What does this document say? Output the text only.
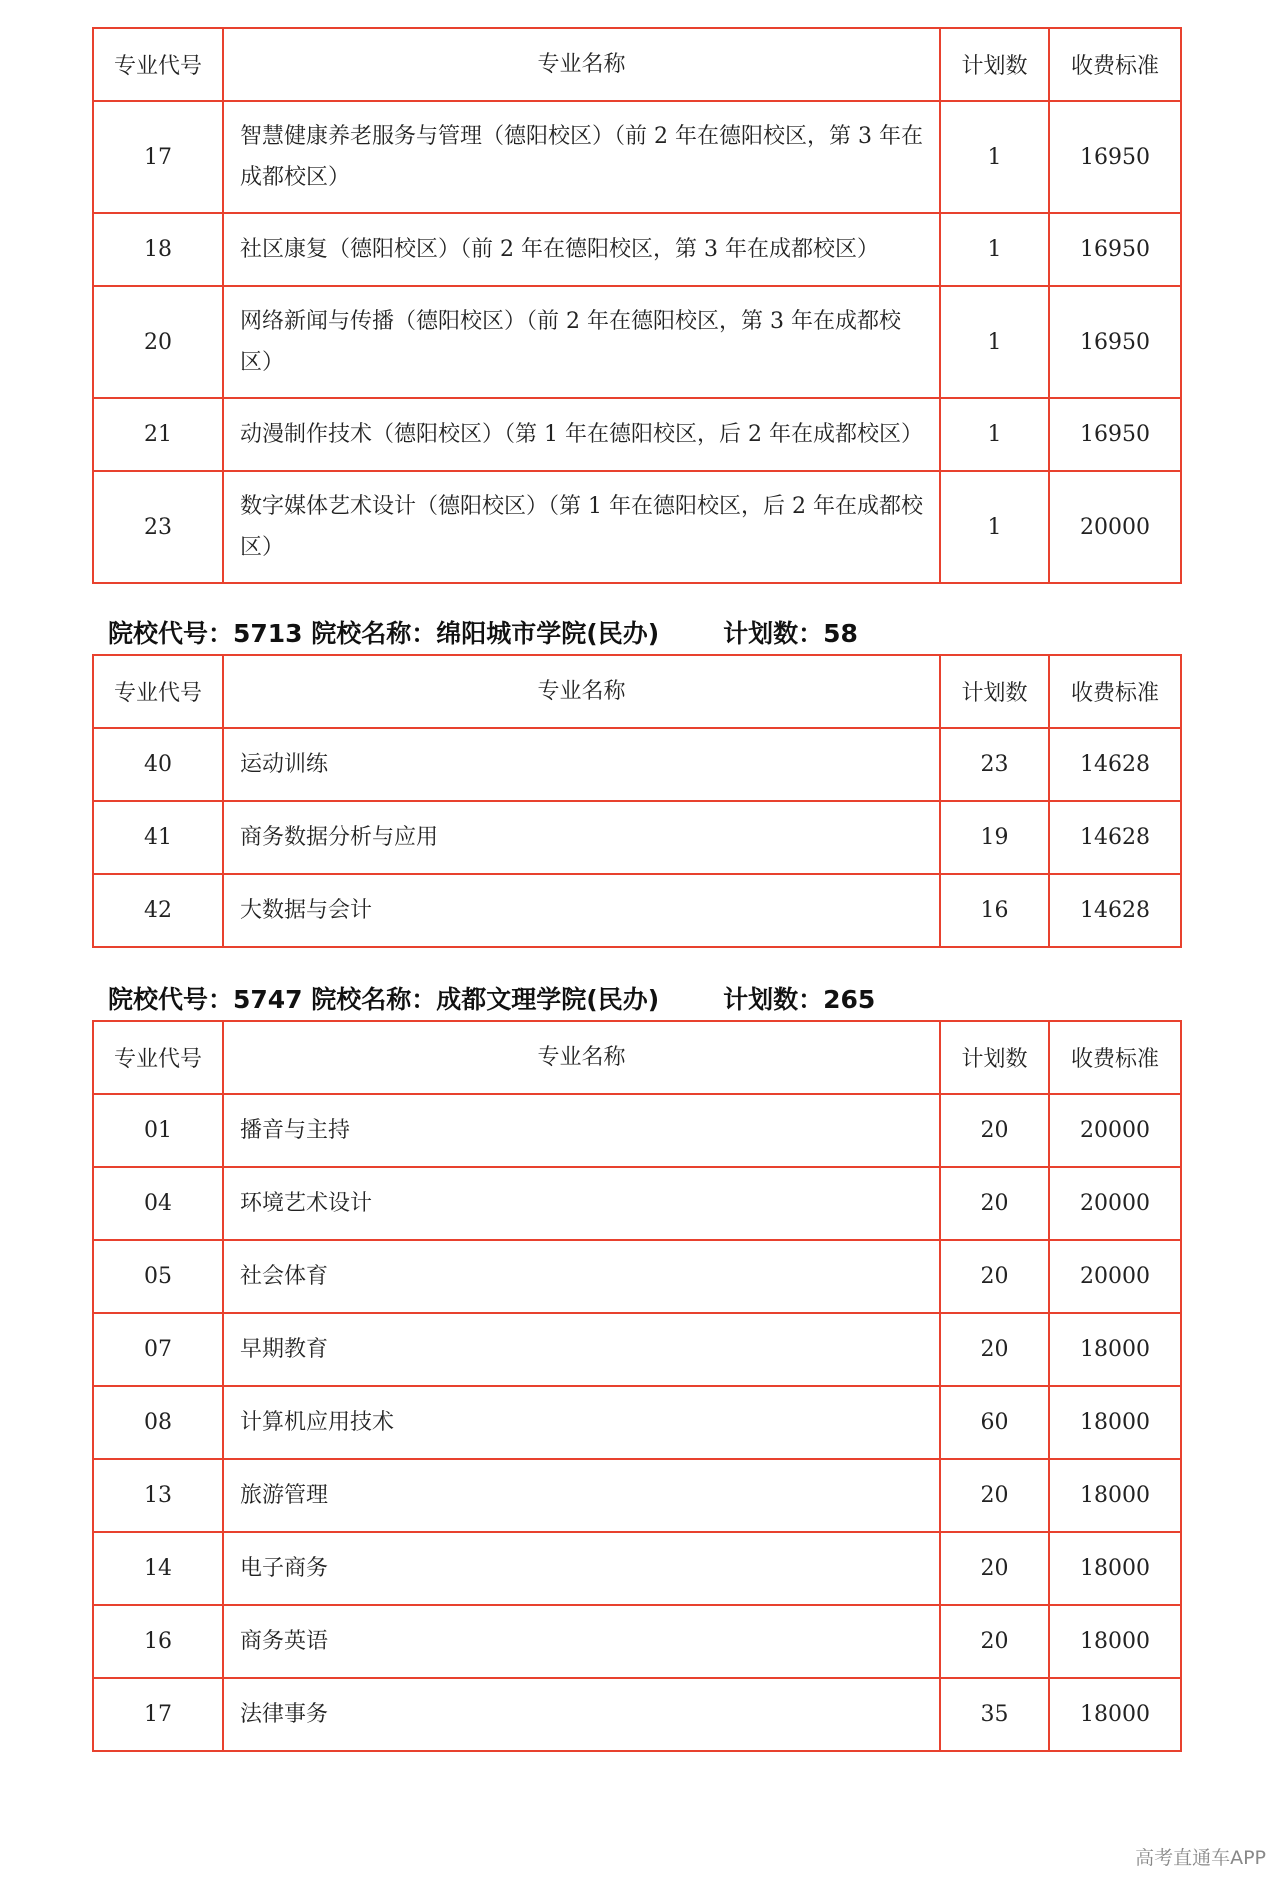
专业代号	专业名称	计划数	收费标准
17	智慧健康养老服务与管理（德阳校区）（前 2 年在德阳校区，第 3 年在成都校区）	1	16950
18	社区康复（德阳校区）（前 2 年在德阳校区，第 3 年在成都校区）	1	16950
20	网络新闻与传播（德阳校区）（前 2 年在德阳校区，第 3 年在成都校区）	1	16950
21	动漫制作技术（德阳校区）（第 1 年在德阳校区，后 2 年在成都校区）	1	16950
23	数字媒体艺术设计（德阳校区）（第 1 年在德阳校区，后 2 年在成都校区）	1	20000
院校代号：5713 院校名称：绵阳城市学院(民办)	计划数：58
专业代号	专业名称	计划数	收费标准
40	运动训练	23	14628
41	商务数据分析与应用	19	14628
42	大数据与会计	16	14628
院校代号：5747 院校名称：成都文理学院(民办)	计划数：265
专业代号	专业名称	计划数	收费标准
01	播音与主持	20	20000
04	环境艺术设计	20	20000
05	社会体育	20	20000
07	早期教育	20	18000
08	计算机应用技术	60	18000
13	旅游管理	20	18000
14	电子商务	20	18000
16	商务英语	20	18000
17	法律事务	35	18000
高考直通车APP
